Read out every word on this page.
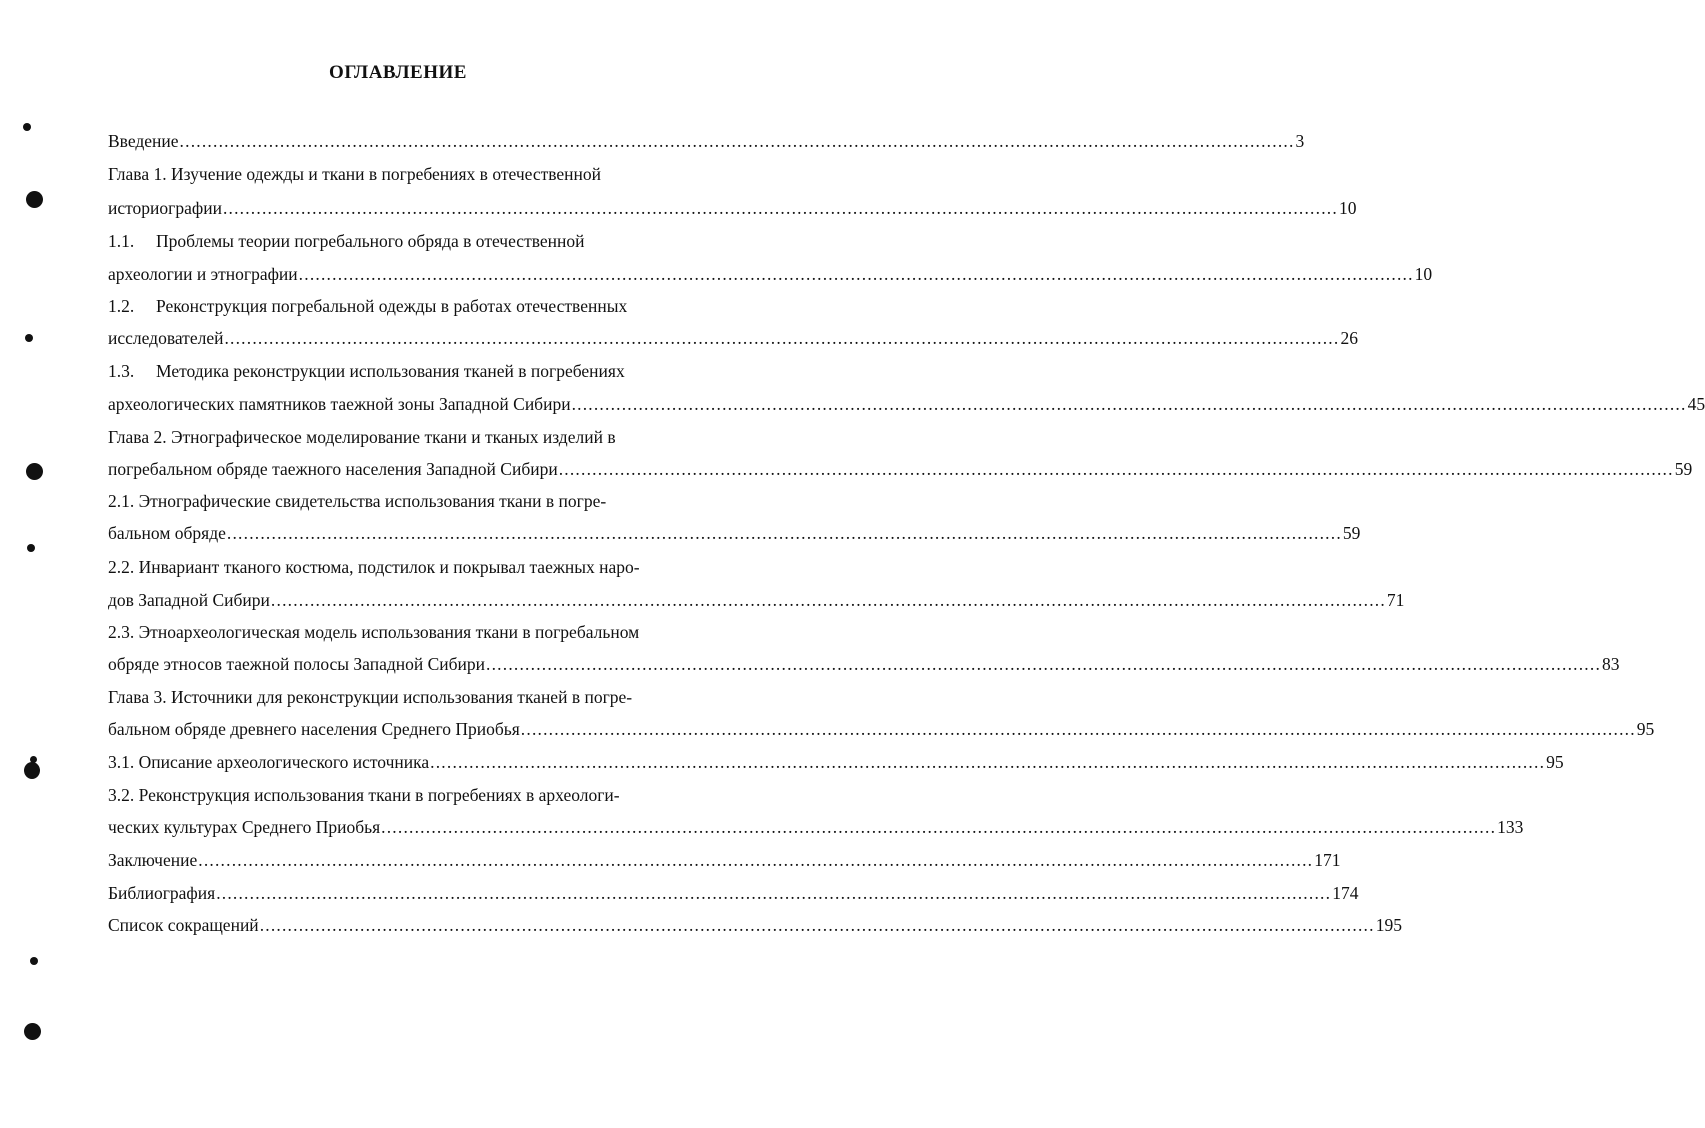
ОГЛАВЛЕНИЕ
Введение ........................................................................................................................................................................................................ 3
Глава 1. Изучение одежды и ткани в погребениях в отечественной
историографии ........................................................................................................................................................................................................ 10
1.1. Проблемы теории погребального обряда в отечественной
археологии и этнографии ........................................................................................................................................................................................................ 10
1.2. Реконструкция погребальной одежды в работах отечественных
исследователей ........................................................................................................................................................................................................ 26
1.3. Методика реконструкции использования тканей в погребениях
археологических памятников таежной зоны Западной Сибири ........................................................................................................................................................................................................ 45
Глава 2. Этнографическое моделирование ткани и тканых изделий в
погребальном обряде таежного населения Западной Сибири ........................................................................................................................................................................................................ 59
2.1. Этнографические свидетельства использования ткани в погре-
бальном обряде ........................................................................................................................................................................................................ 59
2.2. Инвариант тканого костюма, подстилок и покрывал таежных наро-
дов Западной Сибири ........................................................................................................................................................................................................ 71
2.3. Этноархеологическая модель использования ткани в погребальном
обряде этносов таежной полосы Западной Сибири ........................................................................................................................................................................................................ 83
Глава 3. Источники для реконструкции использования тканей в погре-
бальном обряде древнего населения Среднего Приобья ........................................................................................................................................................................................................ 95
3.1. Описание археологического источника ........................................................................................................................................................................................................ 95
3.2. Реконструкция использования ткани в погребениях в археологи-
ческих культурах Среднего Приобья ........................................................................................................................................................................................................ 133
Заключение ........................................................................................................................................................................................................ 171
Библиография ........................................................................................................................................................................................................ 174
Список сокращений ........................................................................................................................................................................................................ 195
